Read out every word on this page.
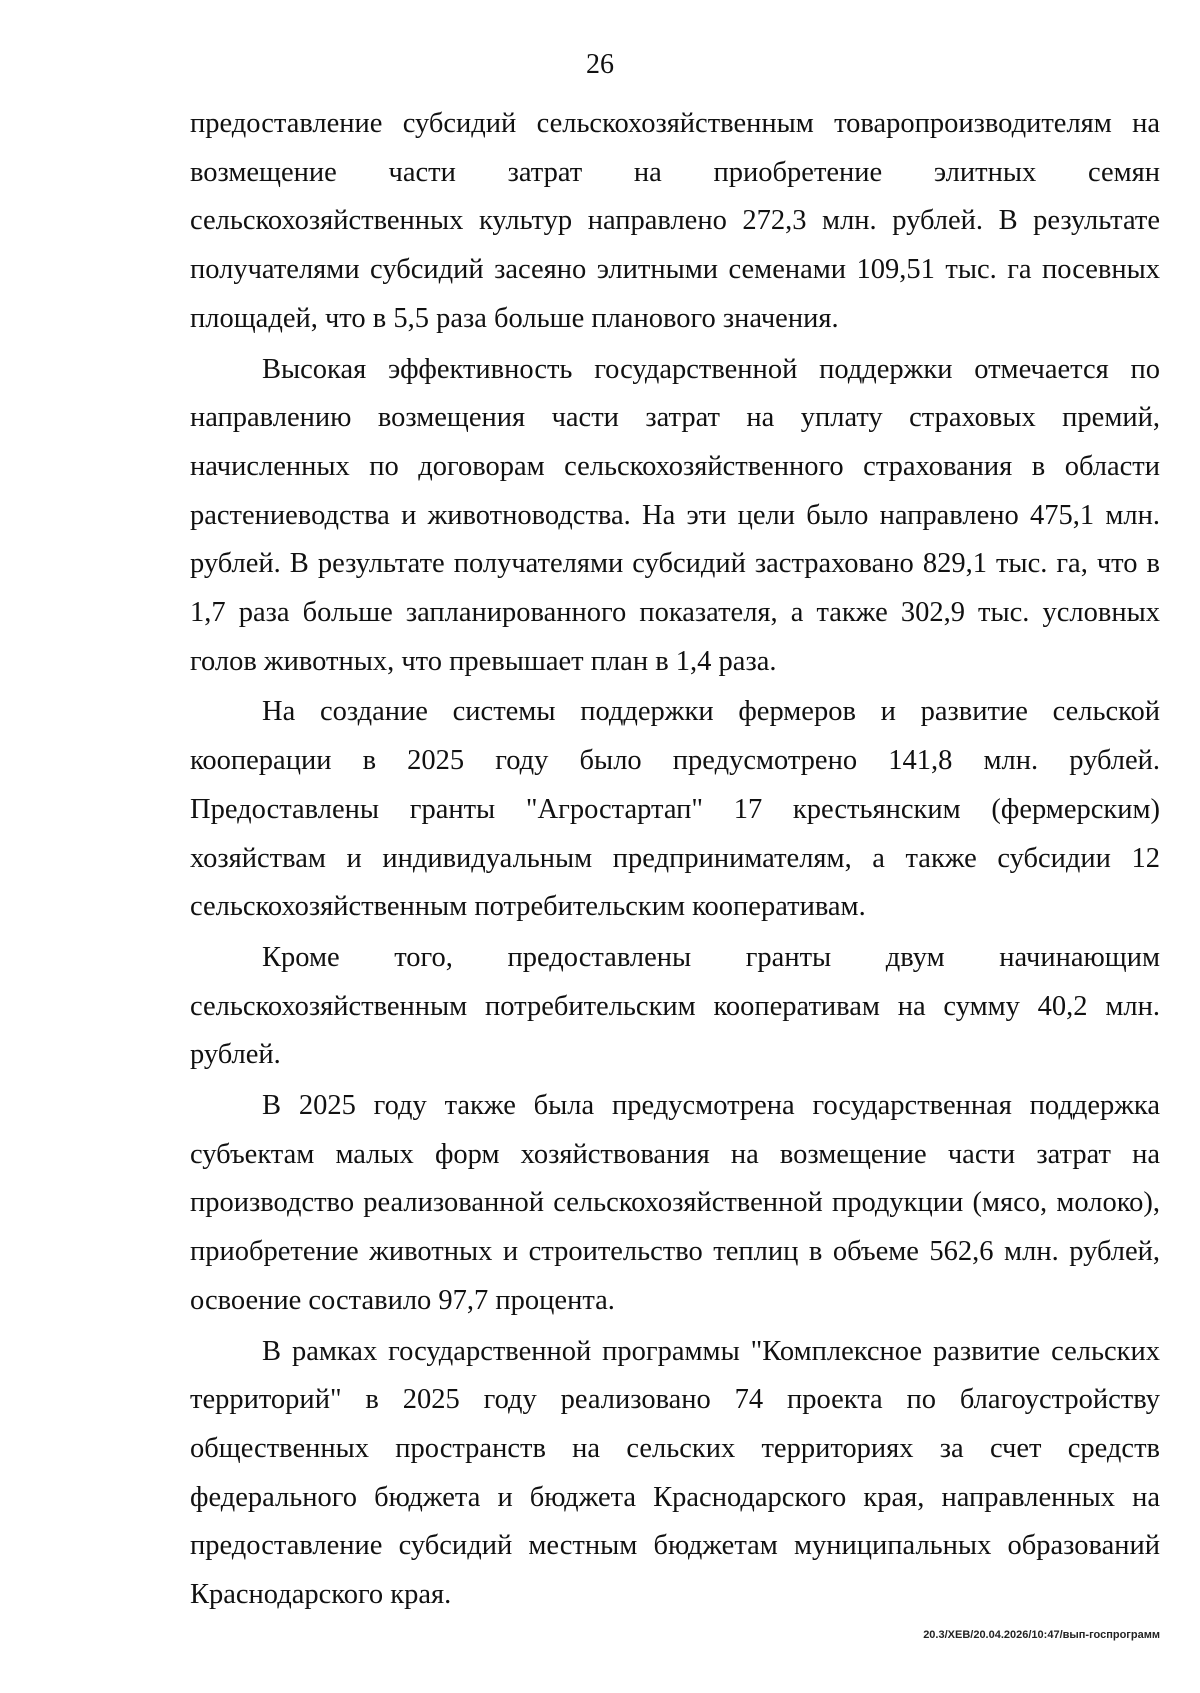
26

предоставление субсидий сельскохозяйственным товаропроизводителям на возмещение части затрат на приобретение элитных семян сельскохозяйственных культур направлено 272,3 млн. рублей. В результате получателями субсидий засеяно элитными семенами 109,51 тыс. га посевных площадей, что в 5,5 раза больше планового значения.

Высокая эффективность государственной поддержки отмечается по направлению возмещения части затрат на уплату страховых премий, начисленных по договорам сельскохозяйственного страхования в области растениеводства и животноводства. На эти цели было направлено 475,1 млн. рублей. В результате получателями субсидий застраховано 829,1 тыс. га, что в 1,7 раза больше запланированного показателя, а также 302,9 тыс. условных голов животных, что превышает план в 1,4 раза.

На создание системы поддержки фермеров и развитие сельской кооперации в 2025 году было предусмотрено 141,8 млн. рублей. Предоставлены гранты "Агростартап" 17 крестьянским (фермерским) хозяйствам и индивидуальным предпринимателям, а также субсидии 12 сельскохозяйственным потребительским кооперативам.

Кроме того, предоставлены гранты двум начинающим сельскохозяйственным потребительским кооперативам на сумму 40,2 млн. рублей.

В 2025 году также была предусмотрена государственная поддержка субъектам малых форм хозяйствования на возмещение части затрат на производство реализованной сельскохозяйственной продукции (мясо, молоко), приобретение животных и строительство теплиц в объеме 562,6 млн. рублей, освоение составило 97,7 процента.

В рамках государственной программы "Комплексное развитие сельских территорий" в 2025 году реализовано 74 проекта по благоустройству общественных пространств на сельских территориях за счет средств федерального бюджета и бюджета Краснодарского края, направленных на предоставление субсидий местным бюджетам муниципальных образований Краснодарского края.

20.3/ХЕВ/20.04.2026/10:47/вып-госпрограмм
